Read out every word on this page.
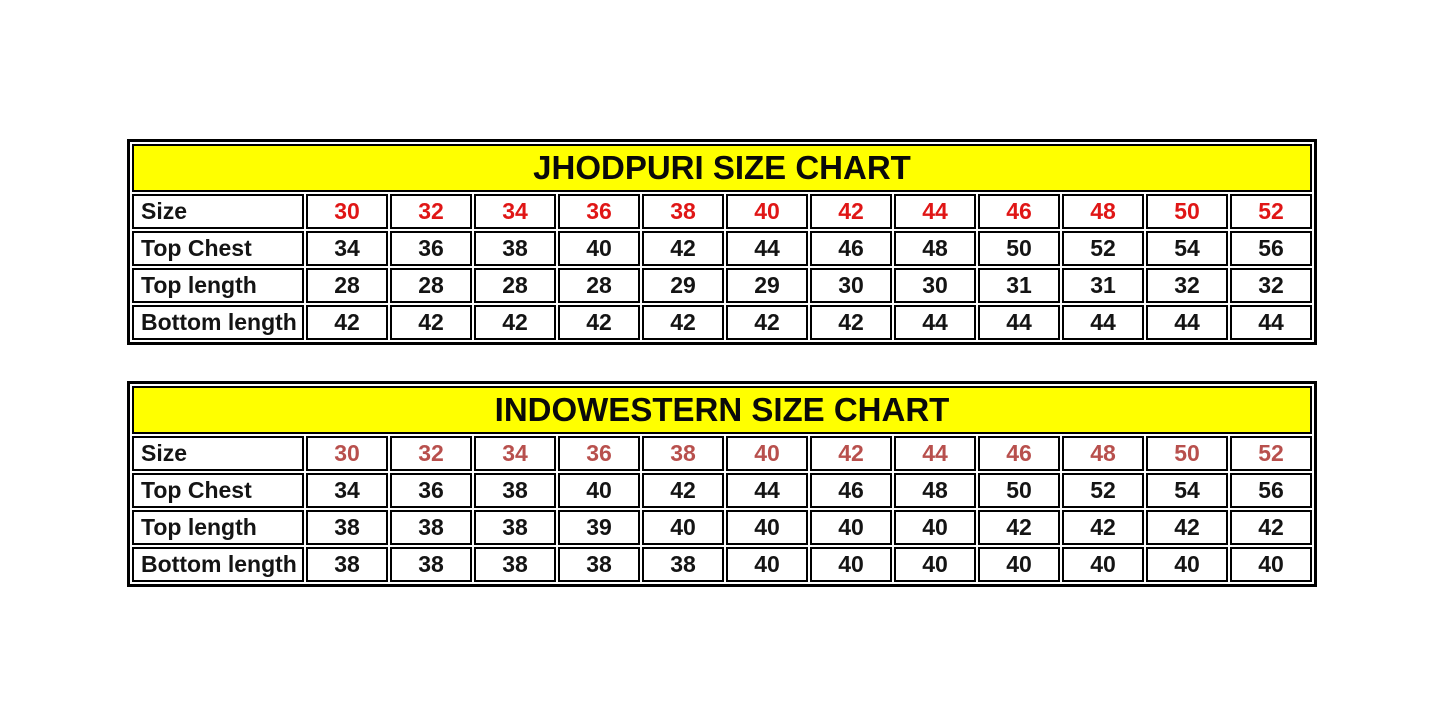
JHODPURI SIZE CHART												
Size	30	32	34	36	38	40	42	44	46	48	50	52
Top Chest	34	36	38	40	42	44	46	48	50	52	54	56
Top length	28	28	28	28	29	29	30	30	31	31	32	32
Bottom length	42	42	42	42	42	42	42	44	44	44	44	44
INDOWESTERN SIZE CHART												
Size	30	32	34	36	38	40	42	44	46	48	50	52
Top Chest	34	36	38	40	42	44	46	48	50	52	54	56
Top length	38	38	38	39	40	40	40	40	42	42	42	42
Bottom length	38	38	38	38	38	40	40	40	40	40	40	40
